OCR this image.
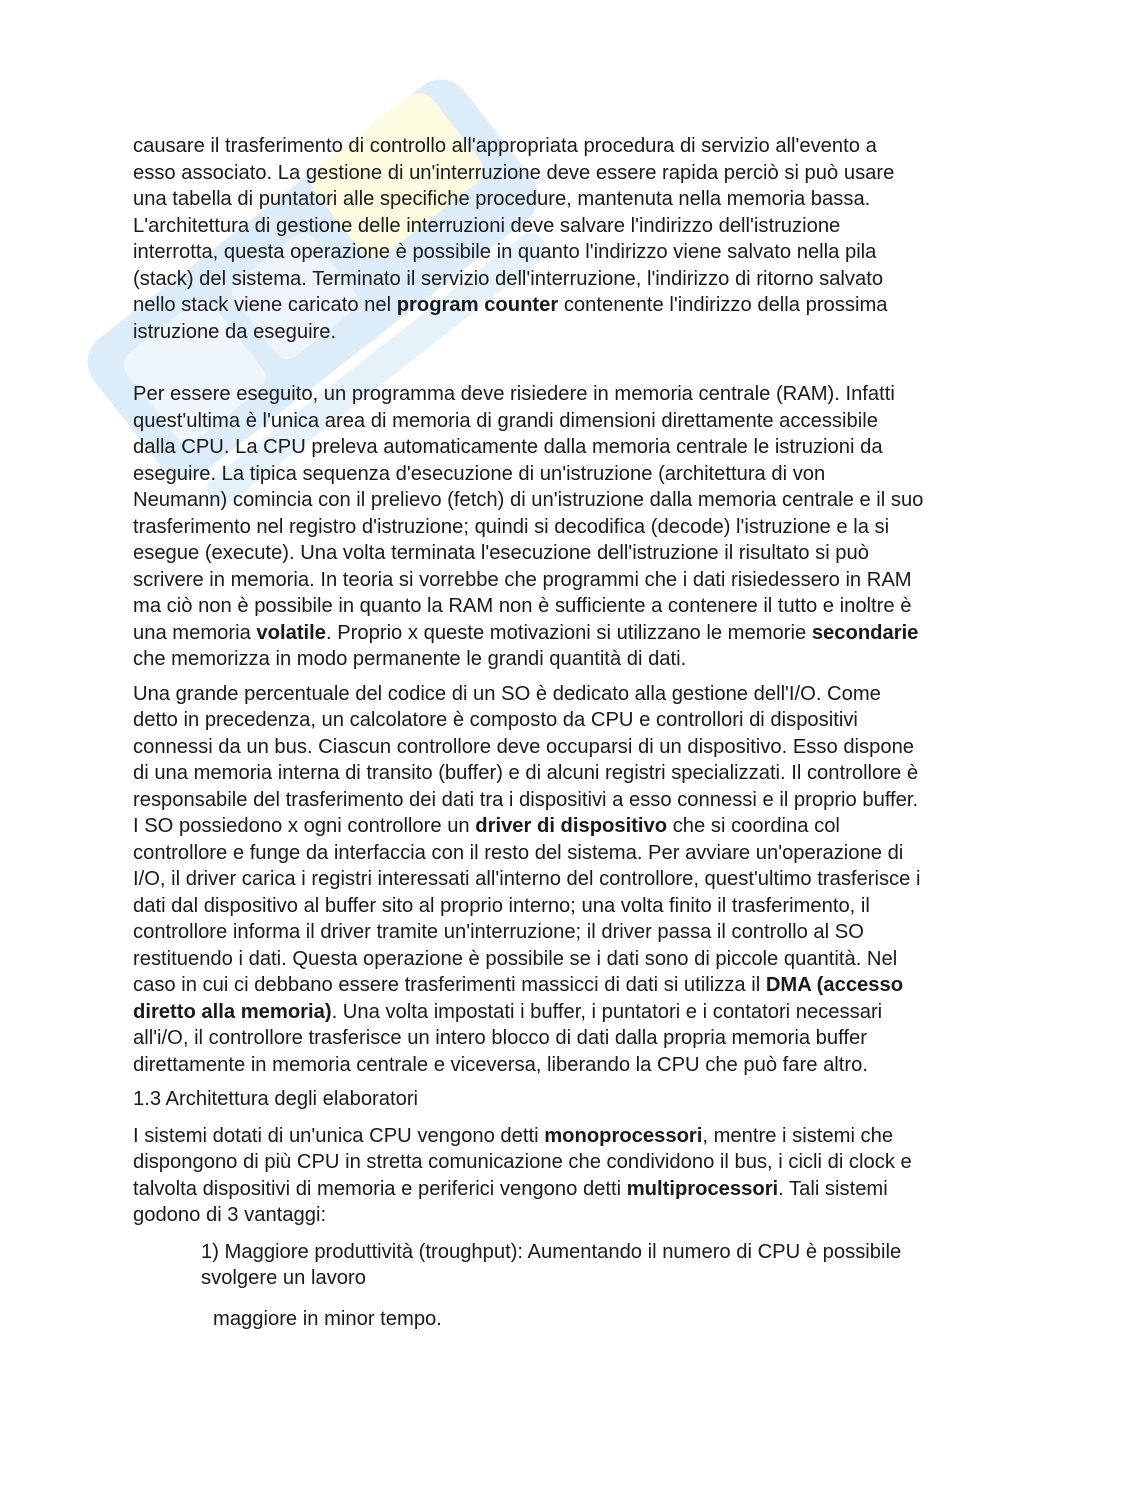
causare il trasferimento di controllo all'appropriata procedura di servizio all'evento a
esso associato. La gestione di un'interruzione deve essere rapida perciò si può usare
una tabella di puntatori alle specifiche procedure, mantenuta nella memoria bassa.
L'architettura di gestione delle interruzioni deve salvare l'indirizzo dell'istruzione
interrotta, questa operazione è possibile in quanto l'indirizzo viene salvato nella pila
(stack) del sistema. Terminato il servizio dell'interruzione, l'indirizzo di ritorno salvato
nello stack viene caricato nel program counter contenente l'indirizzo della prossima
istruzione da eseguire.
Per essere eseguito, un programma deve risiedere in memoria centrale (RAM). Infatti
quest'ultima è l'unica area di memoria di grandi dimensioni direttamente accessibile
dalla CPU. La CPU preleva automaticamente dalla memoria centrale le istruzioni da
eseguire. La tipica sequenza d'esecuzione di un'istruzione (architettura di von
Neumann) comincia con il prelievo (fetch) di un'istruzione dalla memoria centrale e il suo
trasferimento nel registro d'istruzione; quindi si decodifica (decode) l'istruzione e la si
esegue (execute). Una volta terminata l'esecuzione dell'istruzione il risultato si può
scrivere in memoria. In teoria si vorrebbe che programmi che i dati risiedessero in RAM
ma ciò non è possibile in quanto la RAM non è sufficiente a contenere il tutto e inoltre è
una memoria volatile. Proprio x queste motivazioni si utilizzano le memorie secondarie
che memorizza in modo permanente le grandi quantità di dati.
Una grande percentuale del codice di un SO è dedicato alla gestione dell'I/O. Come
detto in precedenza, un calcolatore è composto da CPU e controllori di dispositivi
connessi da un bus. Ciascun controllore deve occuparsi di un dispositivo. Esso dispone
di una memoria interna di transito (buffer) e di alcuni registri specializzati. Il controllore è
responsabile del trasferimento dei dati tra i dispositivi a esso connessi e il proprio buffer.
I SO possiedono x ogni controllore un driver di dispositivo che si coordina col
controllore e funge da interfaccia con il resto del sistema. Per avviare un'operazione di
I/O, il driver carica i registri interessati all'interno del controllore, quest'ultimo trasferisce i
dati dal dispositivo al buffer sito al proprio interno; una volta finito il trasferimento, il
controllore informa il driver tramite un'interruzione; il driver passa il controllo al SO
restituendo i dati. Questa operazione è possibile se i dati sono di piccole quantità. Nel
caso in cui ci debbano essere trasferimenti massicci di dati si utilizza il DMA (accesso
diretto alla memoria). Una volta impostati i buffer, i puntatori e i contatori necessari
all'i/O, il controllore trasferisce un intero blocco di dati dalla propria memoria buffer
direttamente in memoria centrale e viceversa, liberando la CPU che può fare altro.
1.3 Architettura degli elaboratori
I sistemi dotati di un'unica CPU vengono detti monoprocessori, mentre i sistemi che
dispongono di più CPU in stretta comunicazione che condividono il bus, i cicli di clock e
talvolta dispositivi di memoria e periferici vengono detti multiprocessori. Tali sistemi
godono di 3 vantaggi:
1) Maggiore produttività (troughput): Aumentando il numero di CPU è possibile
svolgere un lavoro
maggiore in minor tempo.
